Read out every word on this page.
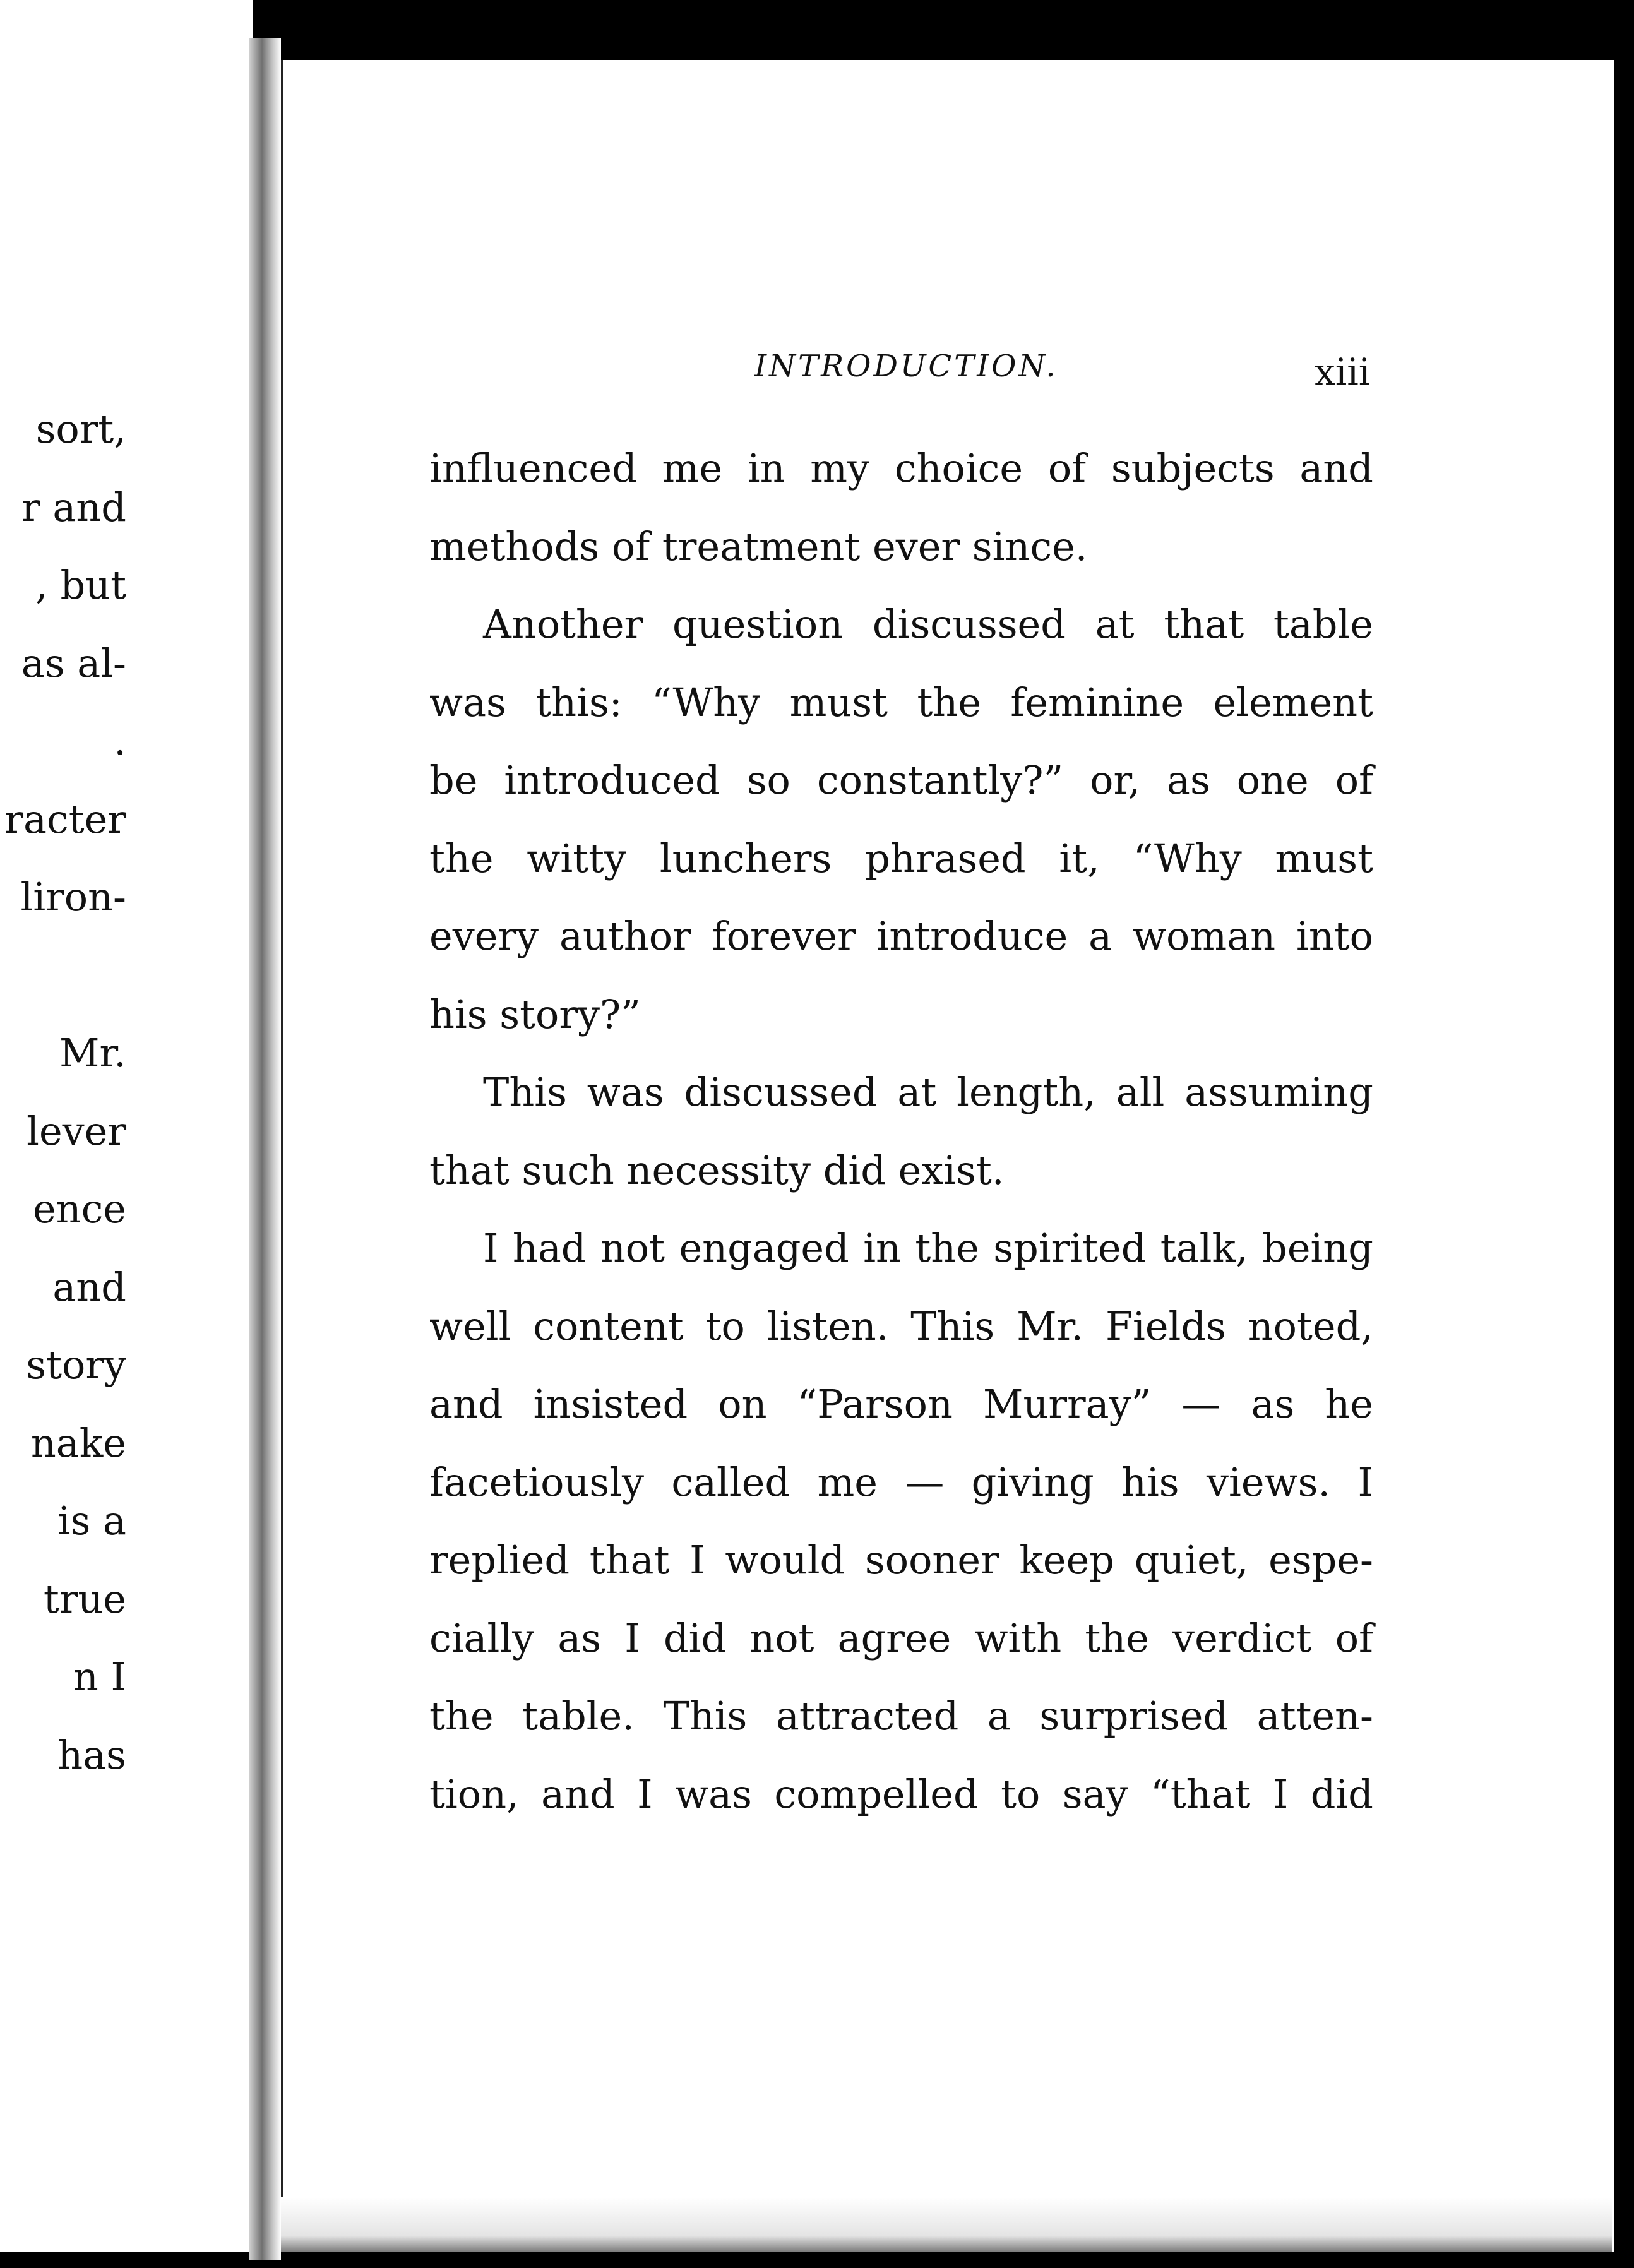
sort,
r and
, but
as al-
.
racter
liron-

Mr.
lever
ence
and
story
nake
is a
true
n I
has
INTRODUCTION.	xiii
influenced me in my choice of subjects and
methods of treatment ever since.
Another question discussed at that table
was this: “Why must the feminine element
be introduced so constantly?” or, as one of
the witty lunchers phrased it, “Why must
every author forever introduce a woman into
his story?”
This was discussed at length, all assuming
that such necessity did exist.
I had not engaged in the spirited talk, being
well content to listen. This Mr. Fields noted,
and insisted on “Parson Murray” — as he
facetiously called me — giving his views. I
replied that I would sooner keep quiet, espe-
cially as I did not agree with the verdict of
the table. This attracted a surprised atten-
tion, and I was compelled to say “that I did
